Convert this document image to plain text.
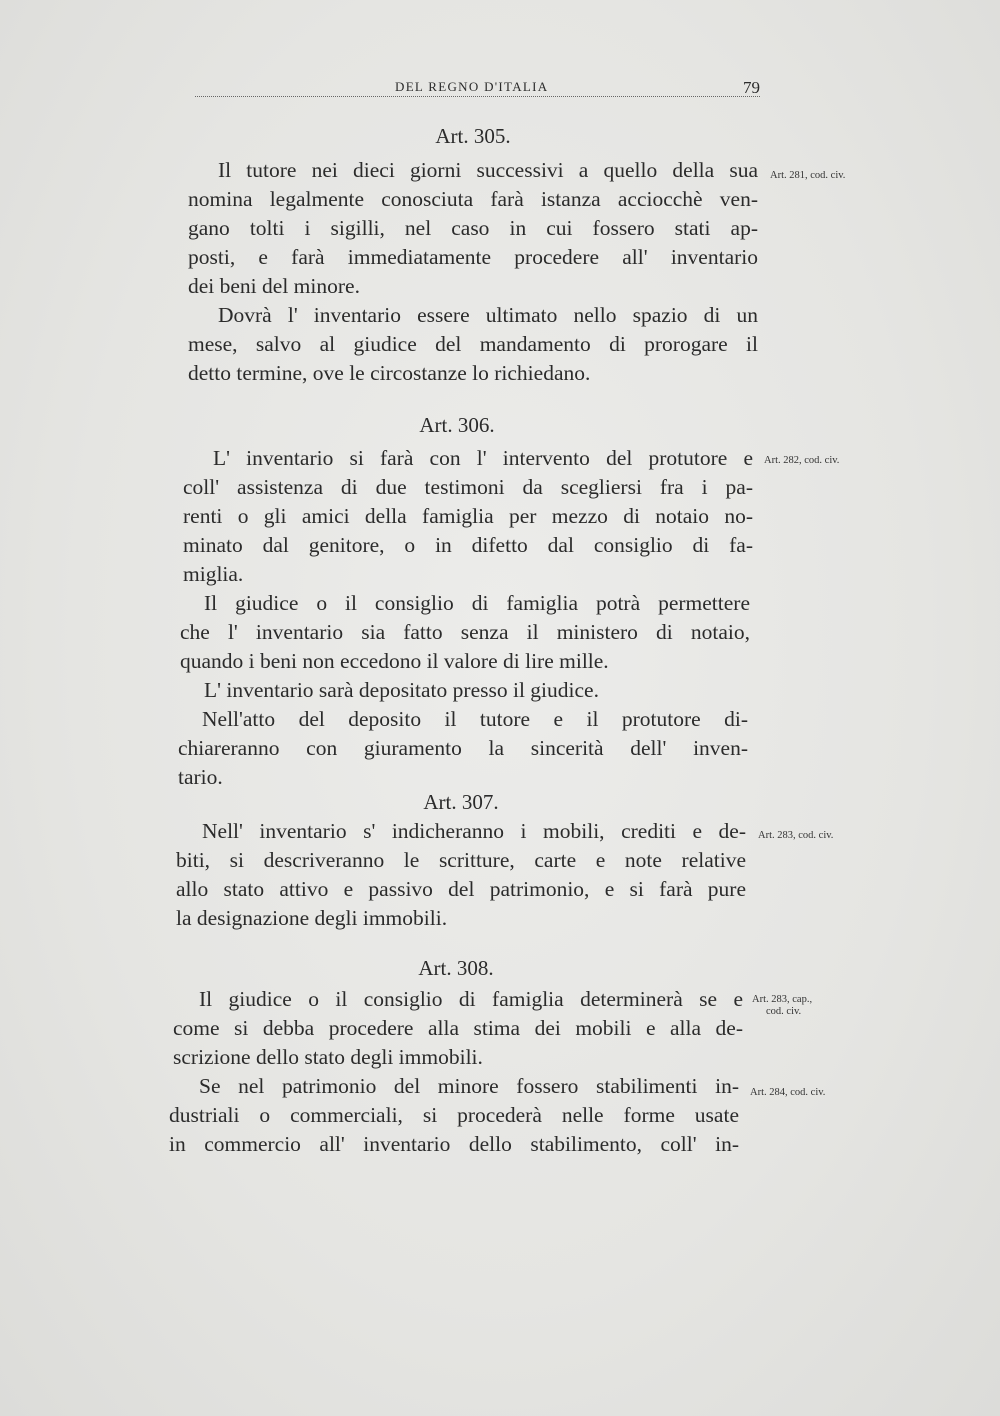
DEL REGNO D'ITALIA	79
Art. 305.
Il tutore nei dieci giorni successivi a quello della sua
nomina legalmente conosciuta farà istanza acciocchè ven-
gano tolti i sigilli, nel caso in cui fossero stati ap-
posti, e farà immediatamente procedere all' inventario
dei beni del minore.
Dovrà l' inventario essere ultimato nello spazio di un
mese, salvo al giudice del mandamento di prorogare il
detto termine, ove le circostanze lo richiedano.
Art. 281, cod. civ.
Art. 306.
L' inventario si farà con l' intervento del protutore e
coll' assistenza di due testimoni da scegliersi fra i pa-
renti o gli amici della famiglia per mezzo di notaio no-
minato dal genitore, o in difetto dal consiglio di fa-
miglia.
Il giudice o il consiglio di famiglia potrà permettere
che l' inventario sia fatto senza il ministero di notaio,
quando i beni non eccedono il valore di lire mille.
L' inventario sarà depositato presso il giudice.
Nell'atto del deposito il tutore e il protutore di-
chiareranno con giuramento la sincerità dell' inven-
tario.
Art. 282, cod. civ.
Art. 307.
Nell' inventario s' indicheranno i mobili, crediti e de-
biti, si descriveranno le scritture, carte e note relative
allo stato attivo e passivo del patrimonio, e si farà pure
la designazione degli immobili.
Art. 283, cod. civ.
Art. 308.
Il giudice o il consiglio di famiglia determinerà se e
come si debba procedere alla stima dei mobili e alla de-
scrizione dello stato degli immobili.
Se nel patrimonio del minore fossero stabilimenti in-
dustriali o commerciali, si procederà nelle forme usate
in commercio all' inventario dello stabilimento, coll' in-
Art. 283, cap.,
cod. civ.
Art. 284, cod. civ.
